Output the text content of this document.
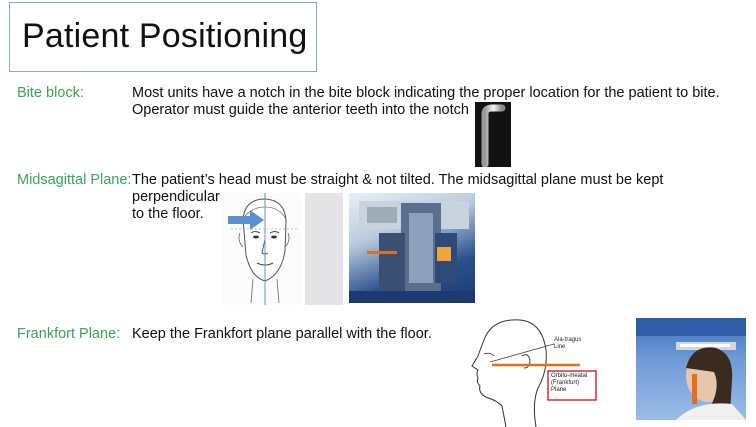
Patient Positioning
Bite block:	Most units have a notch in the bite block indicating the proper location for the patient to bite.
Operator must guide the anterior teeth into the notch
Midsagittal Plane: The patient’s head must be straight & not tilted. The midsagittal plane must be kept perpendicular
to the floor.
Frankfort Plane: Keep the Frankfort plane parallel with the floor.	Ala-tragus
Line
Orbito-meatal
(Frankfurt)
Plane
